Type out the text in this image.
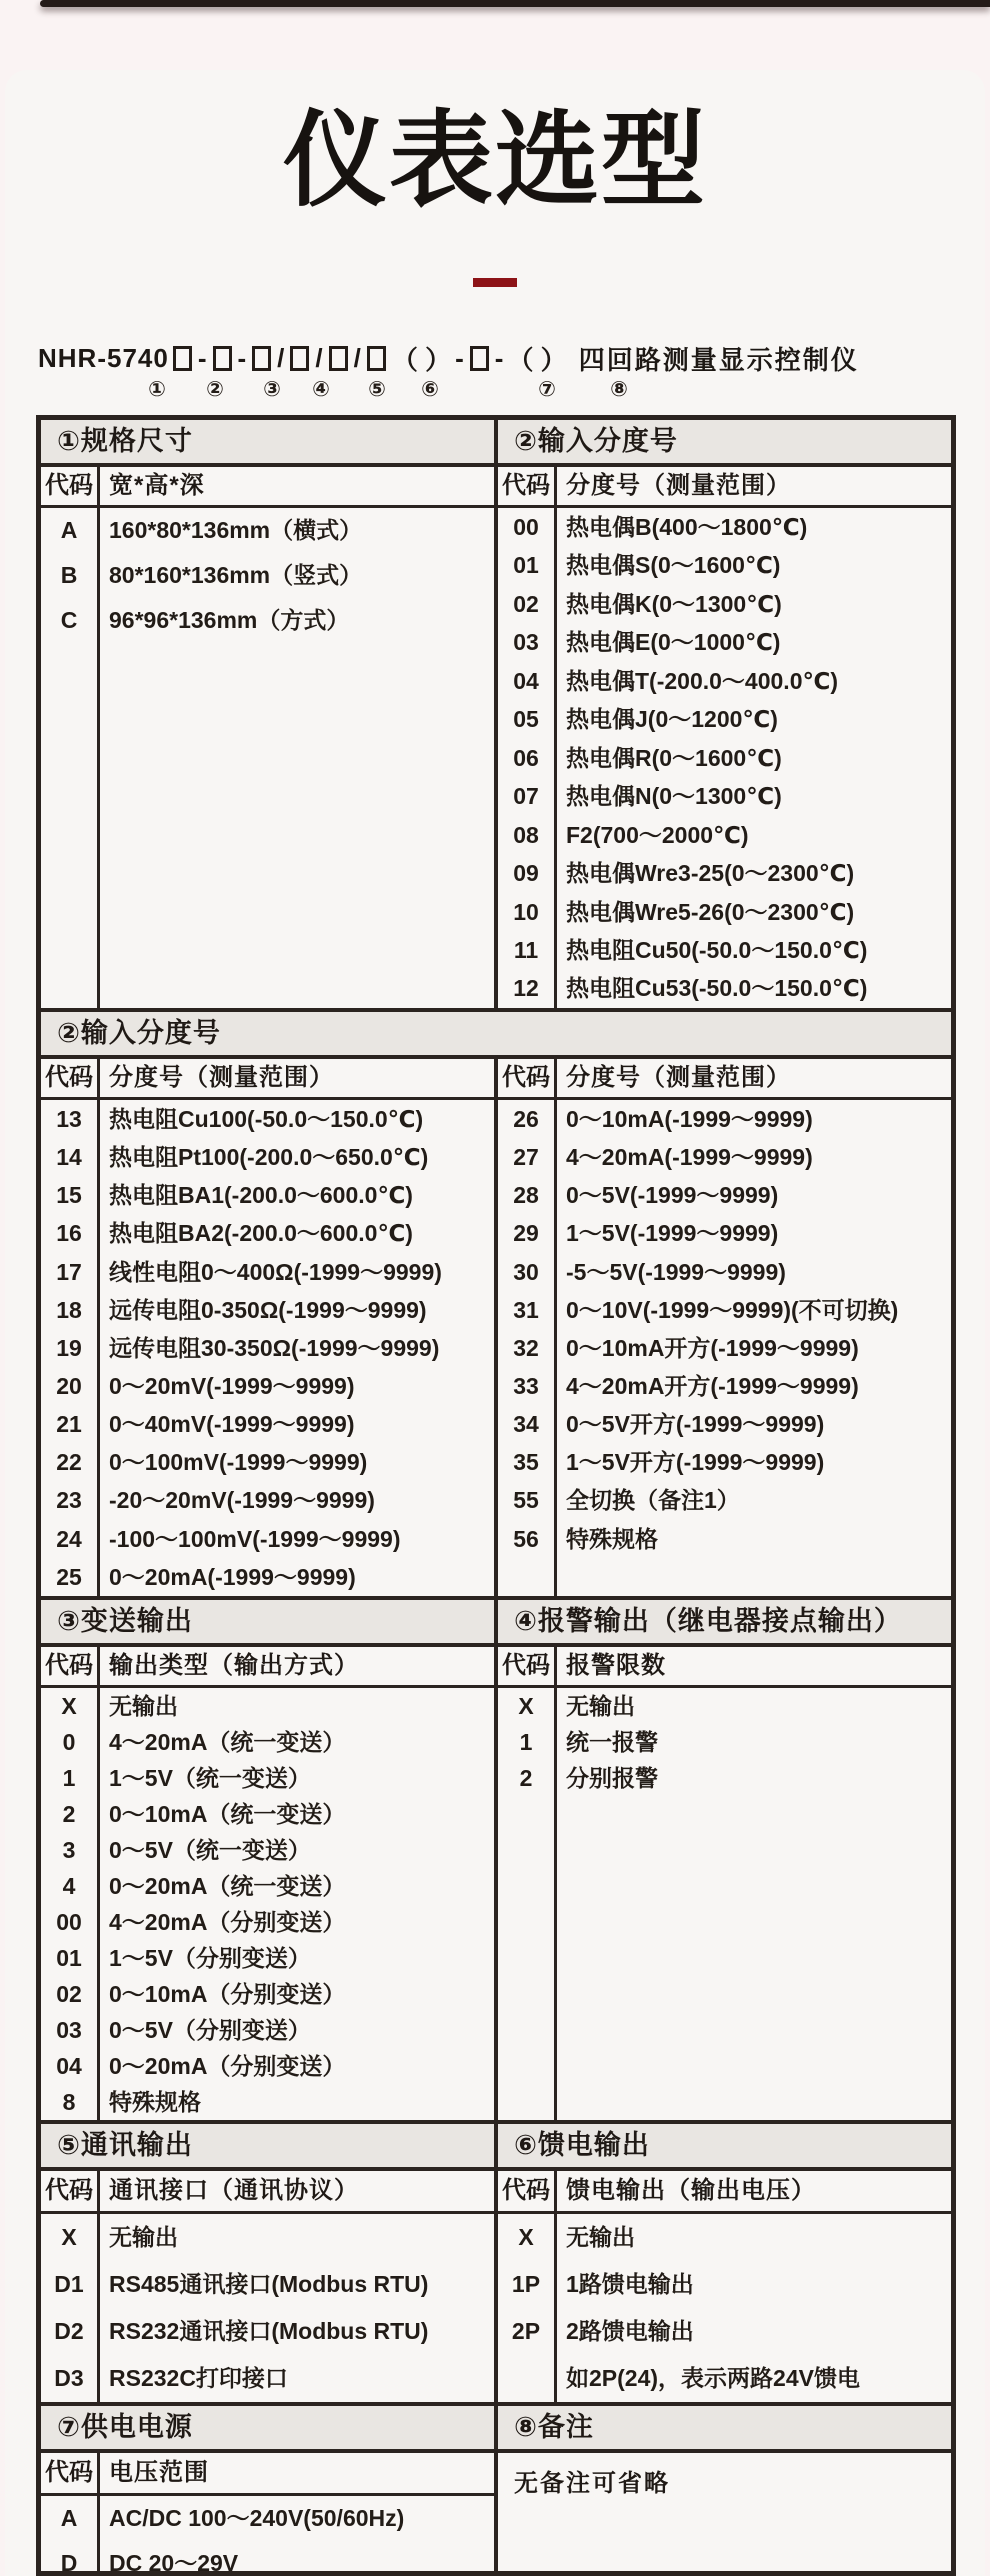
仪表选型
NHR-5740 - - / / / （ ） - - （ ） 四回路测量显示控制仪
① ② ③ ④ ⑤ ⑥	⑦	⑧
①规格尺寸	②输入分度号
代码 宽*高*深
A	160*80*136mm（横式）
B	80*160*136mm（竖式）
C	96*96*136mm（方式）
代码 分度号（测量范围）
00	热电偶B(400～1800℃)
01	热电偶S(0～1600℃)
02	热电偶K(0～1300℃)
03	热电偶E(0～1000℃)
04	热电偶T(-200.0～400.0℃)
05	热电偶J(0～1200℃)
06	热电偶R(0～1600℃)
07	热电偶N(0～1300℃)
08	F2(700～2000℃)
09	热电偶Wre3-25(0～2300℃)
10	热电偶Wre5-26(0～2300℃)
11	热电阻Cu50(-50.0～150.0℃)
12	热电阻Cu53(-50.0～150.0℃)
②输入分度号
代码 分度号（测量范围）
13	热电阻Cu100(-50.0～150.0℃)
14	热电阻Pt100(-200.0～650.0℃)
15	热电阻BA1(-200.0～600.0℃)
16	热电阻BA2(-200.0～600.0℃)
17	线性电阻0～400Ω(-1999～9999)
18	远传电阻0-350Ω(-1999～9999)
19	远传电阻30-350Ω(-1999～9999)
20	0～20mV(-1999～9999)
21	0～40mV(-1999～9999)
22	0～100mV(-1999～9999)
23	-20～20mV(-1999～9999)
24	-100～100mV(-1999～9999)
25	0～20mA(-1999～9999)
代码 分度号（测量范围）
26	0～10mA(-1999～9999)
27	4～20mA(-1999～9999)
28	0～5V(-1999～9999)
29	1～5V(-1999～9999)
30	-5～5V(-1999～9999)
31	0～10V(-1999～9999)(不可切换)
32	0～10mA开方(-1999～9999)
33	4～20mA开方(-1999～9999)
34	0～5V开方(-1999～9999)
35	1～5V开方(-1999～9999)
55	全切换（备注1）
56	特殊规格
③变送输出	④报警输出（继电器接点输出）
代码 输出类型（输出方式）
X	无输出
0	4～20mA（统一变送）
1	1～5V（统一变送）
2	0～10mA（统一变送）
3	0～5V（统一变送）
4	0～20mA（统一变送）
00	4～20mA（分别变送）
01	1～5V（分别变送）
02	0～10mA（分别变送）
03	0～5V（分别变送）
04	0～20mA（分别变送）
8	特殊规格
代码 报警限数
X	无输出
1	统一报警
2	分别报警
⑤通讯输出	⑥馈电输出
代码 通讯接口（通讯协议）
X	无输出
D1	RS485通讯接口(Modbus RTU)
D2	RS232通讯接口(Modbus RTU)
D3	RS232C打印接口
代码 馈电输出（输出电压）
X	无输出
1P	1路馈电输出
2P	2路馈电输出
如2P(24)，表示两路24V馈电
⑦供电电源	⑧备注
代码 电压范围
A	AC/DC 100～240V(50/60Hz)
D	DC 20～29V
无备注可省略
